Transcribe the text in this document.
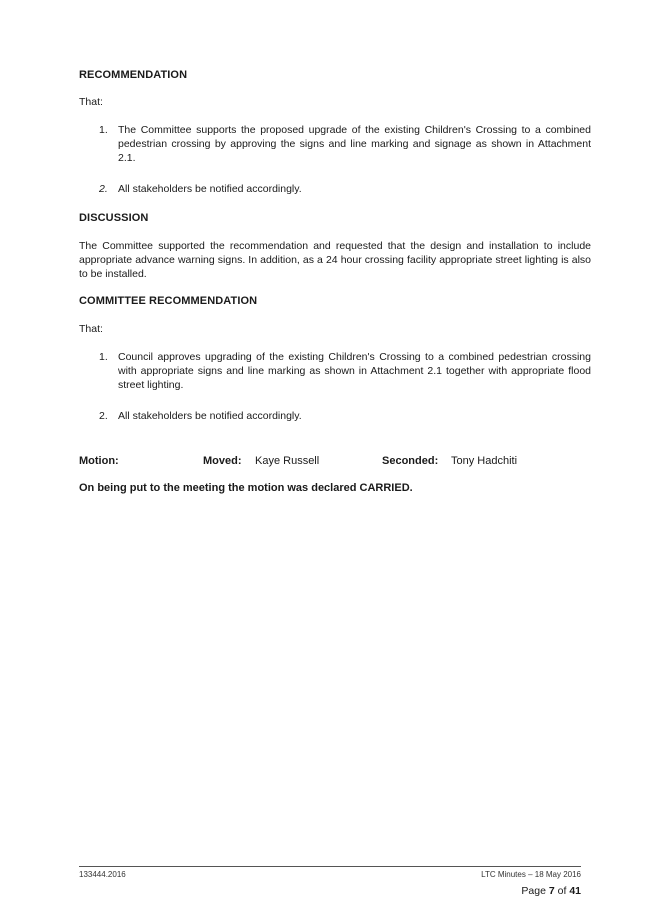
RECOMMENDATION
That:
1. The Committee supports the proposed upgrade of the existing Children's Crossing to a combined pedestrian crossing by approving the signs and line marking and signage as shown in Attachment 2.1.
2. All stakeholders be notified accordingly.
DISCUSSION
The Committee supported the recommendation and requested that the design and installation to include appropriate advance warning signs. In addition, as a 24 hour crossing facility appropriate street lighting is also to be installed.
COMMITTEE RECOMMENDATION
That:
1. Council approves upgrading of the existing Children's Crossing to a combined pedestrian crossing with appropriate signs and line marking as shown in Attachment 2.1 together with appropriate flood street lighting.
2. All stakeholders be notified accordingly.
Motion:	Moved: Kaye Russell	Seconded: Tony Hadchiti
On being put to the meeting the motion was declared CARRIED.
133444.2016	LTC Minutes – 18 May 2016
Page 7 of 41
